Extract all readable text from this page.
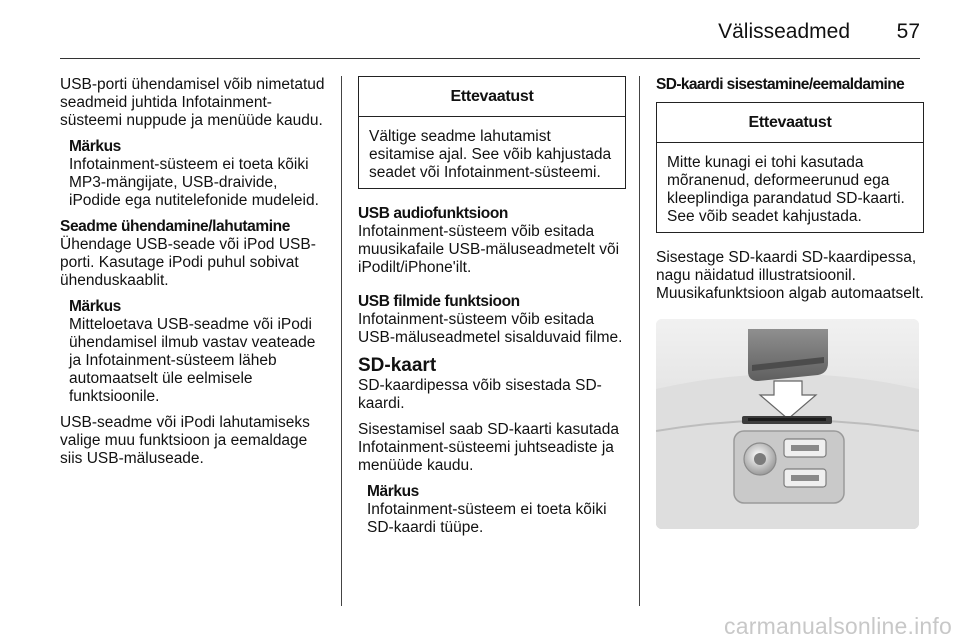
Välisseadmed 57

USB-porti ühendamisel võib nimetatud seadmeid juhtida Infotainment-süsteemi nuppude ja menüüde kaudu.

Märkus
Infotainment-süsteem ei toeta kõiki MP3-mängijate, USB-draivide, iPodide ega nutitelefonide mudeleid.
Seadme ühendamine/lahutamine

Ühendage USB-seade või iPod USB-porti. Kasutage iPodi puhul sobivat ühenduskaablit.

Märkus
Mitteloetava USB-seadme või iPodi ühendamisel ilmub vastav veateade ja Infotainment-süsteem läheb automaatselt üle eelmisele funktsioonile.

USB-seadme või iPodi lahutamiseks valige muu funktsioon ja eemaldage siis USB-mäluseade.

Ettevaatust
Vältige seadme lahutamist esitamise ajal. See võib kahjustada seadet või Infotainment-süsteemi.
USB audiofunktsioon

Infotainment-süsteem võib esitada muusikafaile USB-mäluseadmetelt või iPodilt/iPhone'ilt.

USB filmide funktsioon

Infotainment-süsteem võib esitada USB-mäluseadmetel sisalduvaid filme.

SD-kaart

SD-kaardipessa võib sisestada SD-kaardi.

Sisestamisel saab SD-kaarti kasutada Infotainment-süsteemi juhtseadiste ja menüüde kaudu.

Märkus
Infotainment-süsteem ei toeta kõiki SD-kaardi tüüpe.
SD-kaardi sisestamine/eemaldamine
Ettevaatust
Mitte kunagi ei tohi kasutada mõranenud, deformeerunud ega kleeplindiga parandatud SD-kaarti. See võib seadet kahjustada.

Sisestage SD-kaardi SD-kaardipessa, nagu näidatud illustratsioonil. Muusikafunktsioon algab automaatselt.

carmanualsonline.info
